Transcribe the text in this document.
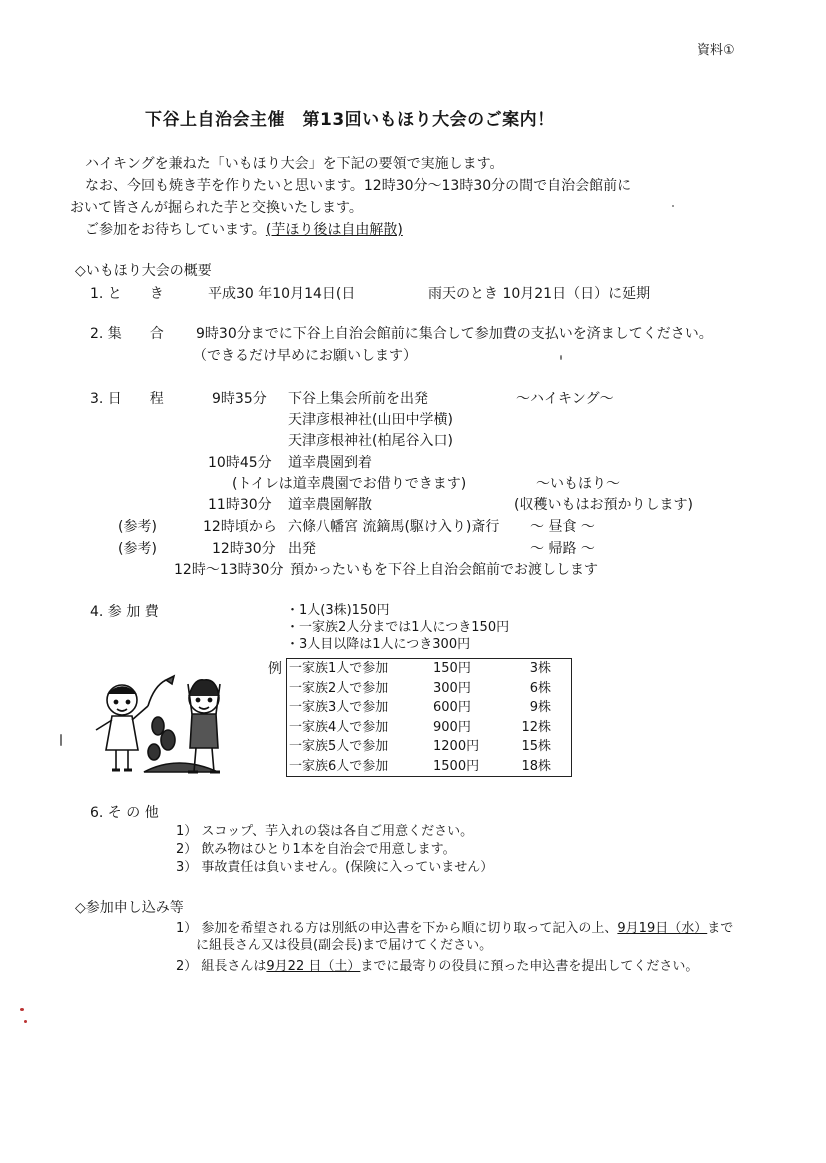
資料①
下谷上自治会主催　第13回いもほり大会のご案内！
ハイキングを兼ねた「いもほり大会」を下記の要領で実施します。
なお、今回も焼き芋を作りたいと思います。12時30分～13時30分の間で自治会館前に
おいて皆さんが掘られた芋と交換いたします。
ご参加をお待ちしています。(芋ほり後は自由解散)
◇いもほり大会の概要
1. と　　き	平成30 年10月14日(日	雨天のとき 10月21日（日）に延期
2. 集　　合 9時30分までに下谷上自治会館前に集合して参加費の支払いを済ましてください。
（できるだけ早めにお願いします）
3. 日　　程	9時35分 下谷上集会所前を出発	～ハイキング～
天津彦根神社(山田中学横)
天津彦根神社(柏尾谷入口)
10時45分 道幸農園到着
(トイレは道幸農園でお借りできます)	～いもほり～
11時30分 道幸農園解散	(収穫いもはお預かりします)
(参考)	12時頃から 六條八幡宮 流鏑馬(駆け入り)斎行 ～ 昼食 ～
(参考)	12時30分 出発	～ 帰路 ～
12時～13時30分 預かったいもを下谷上自治会館前でお渡しします
4. 参 加 費	・1人(3株)150円
・一家族2人分までは1人につき150円
・3人目以降は1人につき300円
例 一家族1人で参加	150円	3株
一家族2人で参加	300円	6株
一家族3人で参加	600円	9株
一家族4人で参加	900円	12株
一家族5人で参加	1200円	15株
一家族6人で参加	1500円	18株
6. そ の 他
1） スコップ、芋入れの袋は各自ご用意ください。
2） 飲み物はひとり1本を自治会で用意します。
3） 事故責任は負いません。(保険に入っていません）
◇参加申し込み等
1） 参加を希望される方は別紙の申込書を下から順に切り取って記入の上、9月19日（水）まで
に組長さん又は役員(副会長)まで届けてください。
2） 組長さんは9月22 日（土）までに最寄りの役員に預った申込書を提出してください。
